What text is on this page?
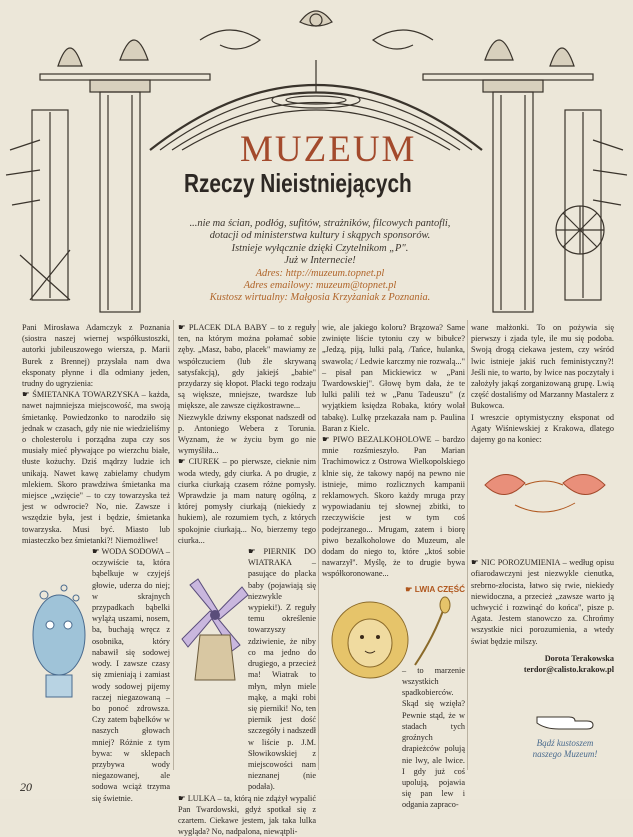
MUZEUM
Rzeczy Nieistniejących
...nie ma ścian, podłóg, sufitów, strażników, filcowych pantofli,
dotacji od ministerstwa kultury i skąpych sponsorów.
Istnieje wyłącznie dzięki Czytelnikom „P".
Już w Internecie!
Adres: http://muzeum.topnet.pl
Adres emailowy: muzeum@topnet.pl
Kustosz wirtualny: Małgosia Krzyżaniak z Poznania.

Pani Mirosława Adamczyk z Poznania (siostra naszej wiernej współkustoszki, autorki jubileuszowego wiersza, p. Marii Burek z Brennej) przysłała nam dwa eksponaty płynne i dla odmiany jeden, trudny do ugryzienia:

☛ ŚMIETANKA TOWARZYSKA – każda, nawet najmniejsza miejscowość, ma swoją śmietankę. Powiedzonko to narodziło się jednak w czasach, gdy nie nie wiedzieliśmy o cholesterolu i porządna zupa czy sos musiały mieć pływające po wierzchu białe, tłuste kożuchy. Dziś mądrzy ludzie ich unikają. Nawet kawę zabielamy chudym mlekiem. Skoro prawdziwa śmietanka ma miejsce „wzięcie" – to czy towarzyska też jest w odwrocie? No, nie. Zawsze i wszędzie była, jest i będzie, śmietanka towarzyska. Musi być. Miasto lub miasteczko bez śmietanki?! Niemożliwe!

☛ WODA SODOWA – oczywiście ta, która bąbelkuje w czyjejś głowie, uderza do niej; w skrajnych przypadkach bąbelki wylążą uszami, nosem, ba, buchają wręcz z osobnika, który nabawił się sodowej wody. I zawsze czasy się zmieniają i zamiast wody sodowej pijemy raczej niegazowaną – bo ponoć zdrowsza. Czy zatem bąbelków w naszych głowach mniej? Różnie z tym bywa: w sklepach przybywa wody niegazowanej, ale sodowa wciąż trzyma się świetnie.

☛ PLACEK DLA BABY – to z reguły ten, na którym można połamać sobie zęby. „Masz, babo, placek" mawiamy ze współczuciem (lub źle skrywaną satysfakcją), gdy jakiejś „babie" przydarzy się kłopot. Placki tego rodzaju są większe, mniejsze, twardsze lub miększe, ale zawsze ciężkostrawne...

Niezwykle dziwny eksponat nadszedł od p. Antoniego Webera z Torunia. Wyznam, że w życiu bym go nie wymyśliła...

☛ CIUREK – po pierwsze, cieknie nim woda wtedy, gdy ciurka. A po drugie, z ciurka ciurkają czasem różne pomysły. Wprawdzie ja mam naturę ogólną, z której pomysły ciurkają (niekiedy z hukiem), ale rozumiem tych, z których spokojnie ciurkają... No, bierzemy tego ciurka...

☛ PIERNIK DO WIATRAKA – pasujące do placka baby (pojawiają się niezwykle wypieki!). Z reguły temu określenie towarzyszy zdziwienie, że niby co ma jedno do drugiego, a przecież ma! Wiatrak to młyn, młyn miele mąkę, a mąki robi się pierniki! No, ten piernik jest dość szczegóły i nadszedł w liście p. J.M. Słowikowskiej z miejscowości nam nieznanej (nie podała).

☛ LULKA – ta, którą nie zdążył wypalić Pan Twardowski, gdyż spotkał się z czartem. Ciekawe jestem, jak taka lulka wygląda? No, nadpalona, niewątpli-

wie, ale jakiego koloru? Brązowa? Same zwinięte liście tytoniu czy w bibułce? „Jedzą, piją, lulki palą, /Tańce, hulanka, swawola; / Ledwie karczmy nie rozwalą..." – pisał pan Mickiewicz w „Pani Twardowskiej". Głowę bym dała, że te lulki palili też w „Panu Tadeuszu" (z wyjątkiem księdza Robaka, który wolał tabakę). Lulkę przekazała nam p. Paulina Baran z Kielc.

☛ PIWO BEZALKOHOLOWE – bardzo mnie rozśmieszyło. Pan Marian Trachimowicz z Ostrowa Wielkopolskiego klnie się, że takowy napój na pewno nie istnieje, mimo rozlicznych kampanii reklamowych. Skoro każdy mruga przy wypowiadaniu tej słownej zbitki, to rzeczywiście jest w tym coś podejrzanego... Mrugam, zatem i biorę piwo bezalkoholowe do Muzeum, ale dodam do niego to, które „ktoś sobie nawarzył". Myślę, że to drugie bywa współkoronowane...

☛ LWIA CZĘŚĆ

– to marzenie wszystkich spadkobierców. Skąd się wzięła? Pewnie stąd, że w stadach tych groźnych drapieżców polują nie lwy, ale lwice. I gdy już coś upolują, pojawia się pan lew i odgania zapraco-

wane małżonki. To on pożywia się pierwszy i zjada tyle, ile mu się podoba. Swoją drogą ciekawa jestem, czy wśród lwic istnieje jakiś ruch feministyczny?! Jeśli nie, to warto, by lwice nas poczytały i założyły jakąś zorganizowaną grupę. Lwią część dostaliśmy od Marzanny Mastalerz z Bukowca.

I wreszcie optymistyczny eksponat od Agaty Wiśniewskiej z Krakowa, dlatego dajemy go na koniec:

☛ NIC POROZUMIENIA – według opisu ofiarodawczyni jest niezwykle cienutka, srebrno-złocista, łatwo się rwie, niekiedy niewidoczna, a przecież „zawsze warto ją uchwycić i rozwinąć do końca", pisze p. Agata. Jestem stanowczo za. Chrońmy wszystkie nici porozumienia, a wtedy świat będzie milszy.

Dorota Terakowska

terdor@calisto.krakow.pl

Bądź kustoszem naszego Muzeum!
20
